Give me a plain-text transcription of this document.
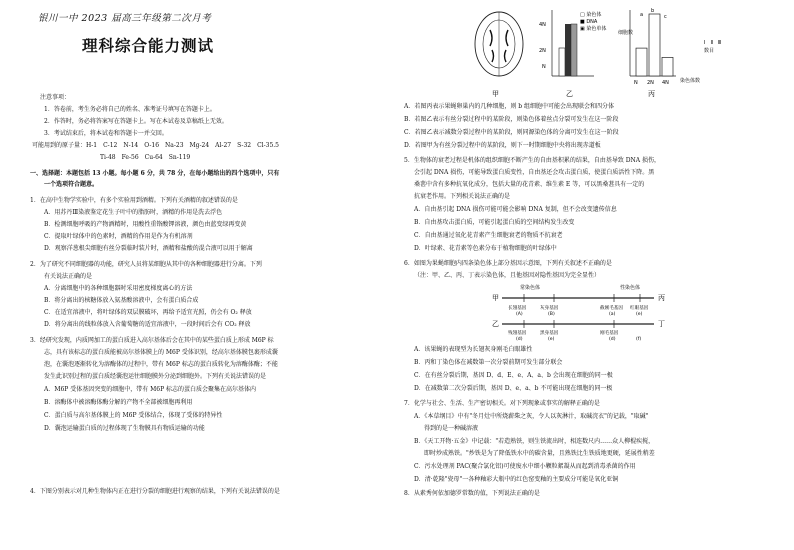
银川一中 2023 届高三年级第二次月考
理科综合能力测试
注意事项：
1．答卷前，考生务必将自己的姓名、准考证号填写在答题卡上。
2．作答时，务必将答案写在答题卡上。写在本试卷及草稿纸上无效。
3．考试结束后，将本试卷和答题卡一并交回。
可能用到的原子量：H-1　C-12　N-14　O-16　Na-23　Mg-24　Al-27　S-32　Cl-35.5
Ti-48　Fe-56　Cu-64　Sn-119
一、选择题：本题包括 13 小题。每小题 6 分，共 78 分，在每小题给出的四个选项中，只有
一个选项符合题意。
1．在高中生物学实验中，有多个实验用到酒精。下列有关酒精的叙述错误的是
A．用苏丹Ⅲ染液鉴定花生子叶中的脂肪时，酒精的作用是洗去浮色
B．检测细胞呼吸的产物酒精时，用酸性重铬酸钾溶液，颜色由蓝变绿再变黄
C．提取叶绿体中的色素时，酒精的作用是作为有机溶剂
D．观察洋葱根尖细胞有丝分裂临时装片时，酒精和盐酸的混合液可以用于解离
2．为了研究不同细胞器的功能，研究人员将某细胞从其中的各种细胞器进行分离。下列
有关说法正确的是
A．分离细胞中的各种细胞器时采用密度梯度离心的方法
B．将分离出的核糖体放入氨基酸溶液中，会有蛋白质合成
C．在适宜溶液中，将叶绿体的双层膜破坏，再给予适宜光照，仍会有 O₂ 释放
D．将分离出的线粒体放入含葡萄糖的适宜溶液中，一段时间后会有 CO₂ 释放
3．经研究发现，内质网加工的蛋白质进入高尔基体后会在其中的某些蛋白质上形成 M6P 标
志，具有该标志的蛋白质能被高尔基体膜上的 M6P 受体识别，经高尔基体膜包裹形成囊
泡，在囊泡逐渐转化为溶酶体的过程中，带有 M6P 标志的蛋白质转化为溶酶体酶；不能
发生此识别过程的蛋白质经囊泡运往细胞膜外分泌到细胞外。下列有关说法错误的是
A．M6P 受体基因突变的细胞中，带有 M6P 标志的蛋白质会聚集在高尔基体内
B．溶酶体中被溶酶体酶分解的产物不全部被细胞再利用
C．蛋白质与高尔基体膜上的 M6P 受体结合，体现了受体的特异性
D．囊泡运输蛋白质的过程体现了生物膜具有物质运输的功能
4．下图分别表示对几种生物体内正在进行分裂的细胞进行观察的结果，下列有关说法错误的是
甲
4N
2N
N
□ 染色体
■ DNA
▣ 染色单体
乙
细胞数
a
b
c
N 2N 4N 染色体数
丙
I　Ⅱ　Ⅲ
数目
A．若图丙表示果蝇卵巢内的几种细胞，则 b 组细胞中可能会出现联会和四分体
B．若图乙表示有丝分裂过程中的某阶段，则染色体着丝点分裂可发生在这一阶段
C．若图乙表示减数分裂过程中的某阶段，则同源染色体的分离可发生在这一阶段
D．若图甲为有丝分裂过程中的某阶段，则下一时期细胞中央将出现赤道板
5．生物体的衰老过程是机体的组织细胞不断产生的自由基积累的结果，自由基导致 DNA 损伤，
会引起 DNA 损伤，可能导致蛋白质变性，自由基还会攻击蛋白质，使蛋白质活性下降。黑
桑葚中含有多种抗氧化成分，包括大量的花青素、维生素 E 等，可以黑桑葚具有一定的
抗衰老作用。下列相关说法正确的是
A．自由基引起 DNA 损伤可能可能会影响 DNA 复制，但不会改变遗传信息
B．自由基攻击蛋白质，可能引起蛋白质的空间结构发生改变
C．自由基通过氧化花青素产生细胞衰老的物质不抗衰老
D．叶绿素、花青素等色素分布于植物细胞的叶绿体中
6．如图为果蝇细胞内四条染色体上部分基因示意图，下列有关叙述不正确的是
（注：甲、乙、丙、丁表示染色体，且他基因对隐性基因为完全显性）
常染色体	性染色体
甲	丙
长翅基因	灰身基因	截刚毛基因 红眼基因
(A)	(B)	(a)	(e)
乙	丁
残翅基因	黑身基因	刚毛基因
(d)	(e)	(d)	(f)
A．该果蝇的表现型为长翅灰身刚毛白眼雄性
B．丙和丁染色体在减数第一次分裂前期可发生部分联会
C．在有丝分裂后期，基因 D、d、E、e、A、a、b 会出现在细胞的同一极
D．在减数第二次分裂后期，基因 D、e、a、b 不可能出现在细胞的同一极
7．化学与社会、生活、生产密切相关。对下列现象或事实的解释正确的是
A．《本草纲目》中有"冬月灶中所烧薪柴之灰，令人以灰淋汁，取碱浣衣"的记载，"取碱"
得到的是一种碱溶液
B．《天工开物·五金》中记载："若造熟铁，则生铁流出时，相连数尺内……众人柳棍疾搅，
即时炒成熟铁。"炒铁是为了降低铁水中的碳含量，且熟铁比生铁质地更硬，延展性稍差
C．污水处理剂 PAC(聚合氯化铝)可使废水中细小颗粒絮凝从而起到消毒杀菌的作用
D．清·乾隆"瓷母"一各种釉彩大瓶中的红色窑变釉的主要成分可能是氧化亚铜
8．从素秀何依加德罗常数的值，下列说法正确的是
